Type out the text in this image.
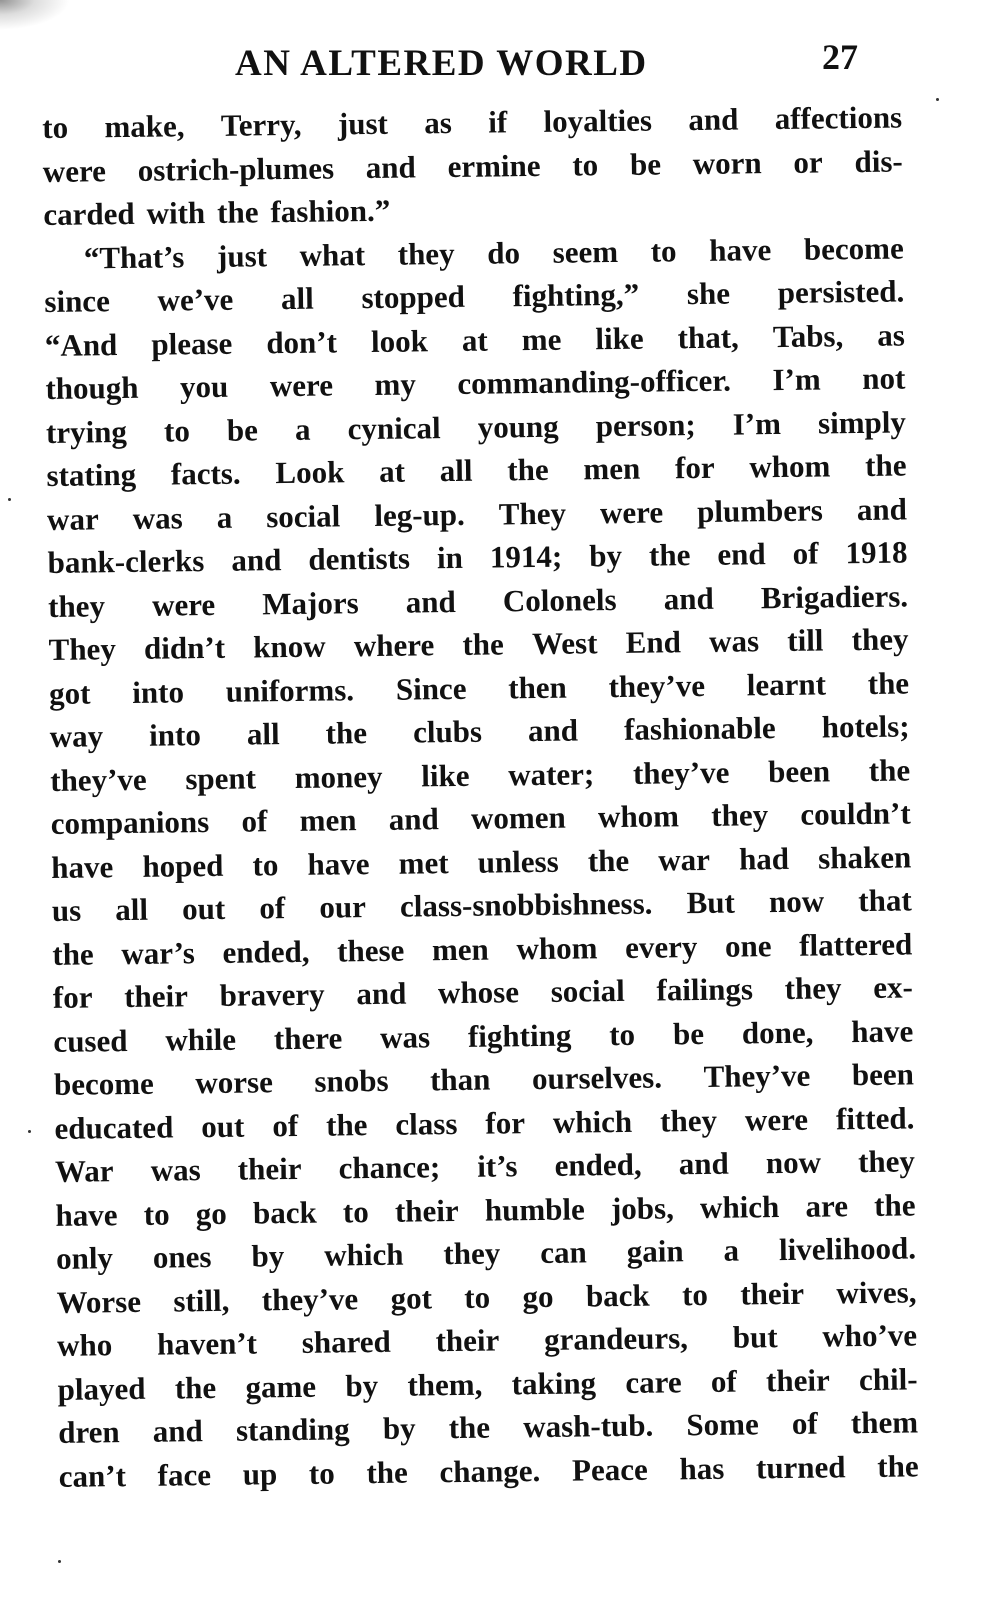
AN ALTERED WORLD	27
to make, Terry, just as if loyalties and affections
were ostrich-plumes and ermine to be worn or dis-
carded with the fashion.”
“That’s just what they do seem to have become
since we’ve all stopped fighting,” she persisted.
“And please don’t look at me like that, Tabs, as
though you were my commanding-officer. I’m not
trying to be a cynical young person; I’m simply
stating facts. Look at all the men for whom the
war was a social leg-up. They were plumbers and
bank-clerks and dentists in 1914; by the end of 1918
they were Majors and Colonels and Brigadiers.
They didn’t know where the West End was till they
got into uniforms. Since then they’ve learnt the
way into all the clubs and fashionable hotels;
they’ve spent money like water; they’ve been the
companions of men and women whom they couldn’t
have hoped to have met unless the war had shaken
us all out of our class-snobbishness. But now that
the war’s ended, these men whom every one flattered
for their bravery and whose social failings they ex-
cused while there was fighting to be done, have
become worse snobs than ourselves. They’ve been
educated out of the class for which they were fitted.
War was their chance; it’s ended, and now they
have to go back to their humble jobs, which are the
only ones by which they can gain a livelihood.
Worse still, they’ve got to go back to their wives,
who haven’t shared their grandeurs, but who’ve
played the game by them, taking care of their chil-
dren and standing by the wash-tub. Some of them
can’t face up to the change. Peace has turned the
